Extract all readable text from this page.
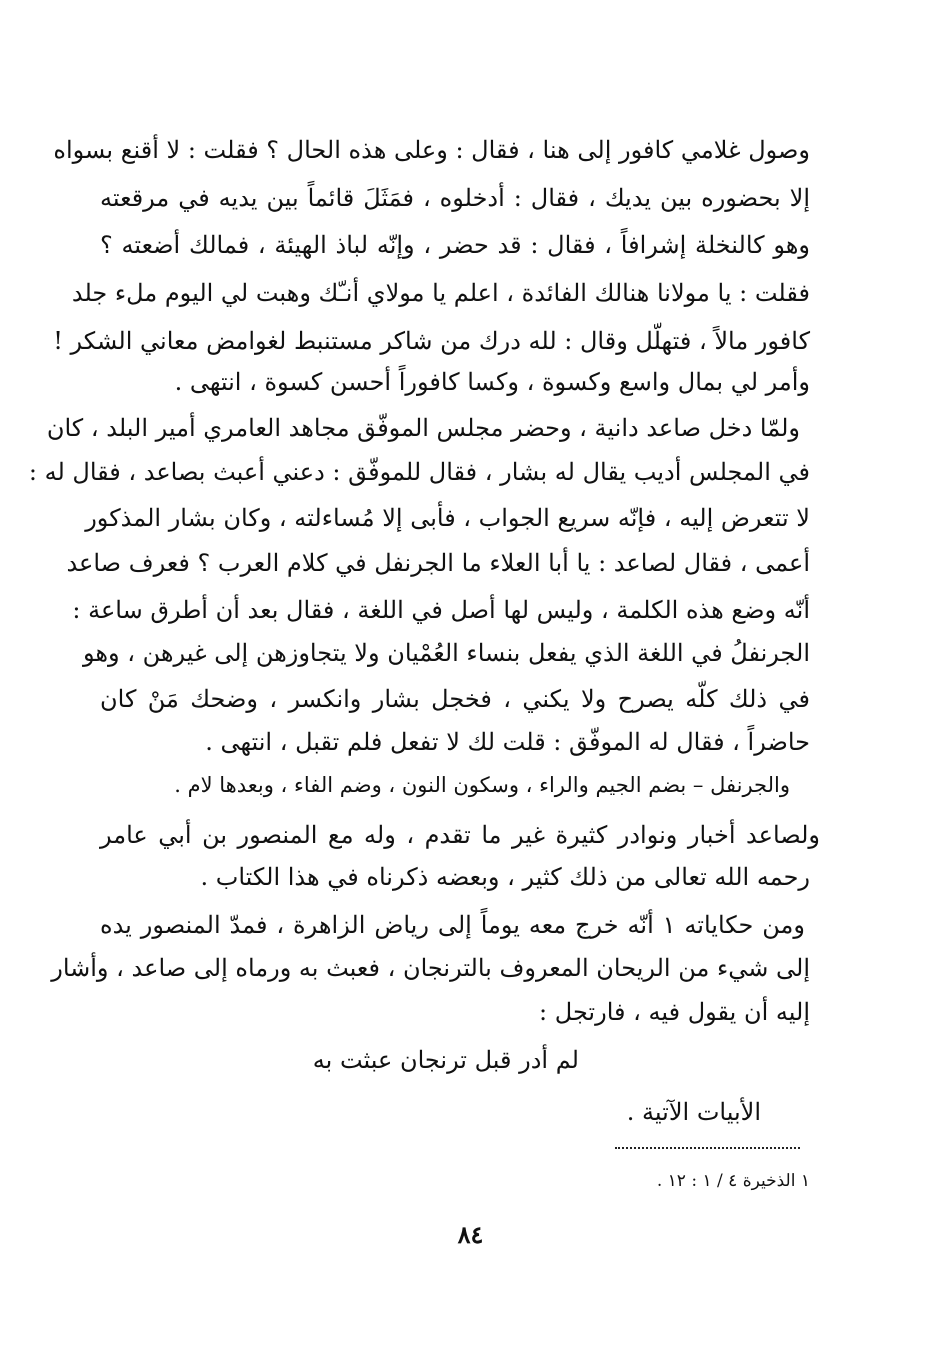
وصول غلامي كافور إلى هنا ، فقال : وعلى هذه الحال ؟ فقلت : لا أقنع بسواه
إلا بحضوره بين يديك ، فقال : أدخلوه ، فمَثَلَ قائماً بين يديه في مرقعته
وهو كالنخلة إشرافاً ، فقال : قد حضر ، وإنّه لباذ الهيئة ، فمالك أضعته ؟
فقلت : يا مولانا هنالك الفائدة ، اعلم يا مولاي أنـّك وهبت لي اليوم ملء جلد
كافور مالاً ، فتهلّل وقال : لله درك من شاكر مستنبط لغوامض معاني الشكر !
وأمر لي بمال واسع وكسوة ، وكسا كافوراً أحسن كسوة ، انتهى .
ولمّا دخل صاعد دانية ، وحضر مجلس الموفّق مجاهد العامري أمير البلد ، كان
في المجلس أديب يقال له بشار ، فقال للموفّق : دعني أعبث بصاعد ، فقال له :
لا تتعرض إليه ، فإنّه سريع الجواب ، فأبى إلا مُساءلته ، وكان بشار المذكور
أعمى ، فقال لصاعد : يا أبا العلاء ما الجرنفل في كلام العرب ؟ فعرف صاعد
أنّه وضع هذه الكلمة ، وليس لها أصل في اللغة ، فقال بعد أن أطرق ساعة :
الجرنفلُ في اللغة الذي يفعل بنساء العُمْيان ولا يتجاوزهن إلى غيرهن ، وهو
في ذلك كلّه يصرح ولا يكني ، فخجل بشار وانكسر ، وضحك مَنْ كان
حاضراً ، فقال له الموفّق : قلت لك لا تفعل فلم تقبل ، انتهى .
والجرنفل – بضم الجيم والراء ، وسكون النون ، وضم الفاء ، وبعدها لام .
ولصاعد أخبار ونوادر كثيرة غير ما تقدم ، وله مع المنصور بن أبي عامر
رحمه الله تعالى من ذلك كثير ، وبعضه ذكرناه في هذا الكتاب .
ومن حكاياته ١ أنّه خرج معه يوماً إلى رياض الزاهرة ، فمدّ المنصور يده
إلى شيء من الريحان المعروف بالترنجان ، فعبث به ورماه إلى صاعد ، وأشار
إليه أن يقول فيه ، فارتجل :
لم أدر قبل ترنجان عبثت به
الأبيات الآتية .
١ الذخيرة ٤ / ١ : ١٢ .
٨٤
